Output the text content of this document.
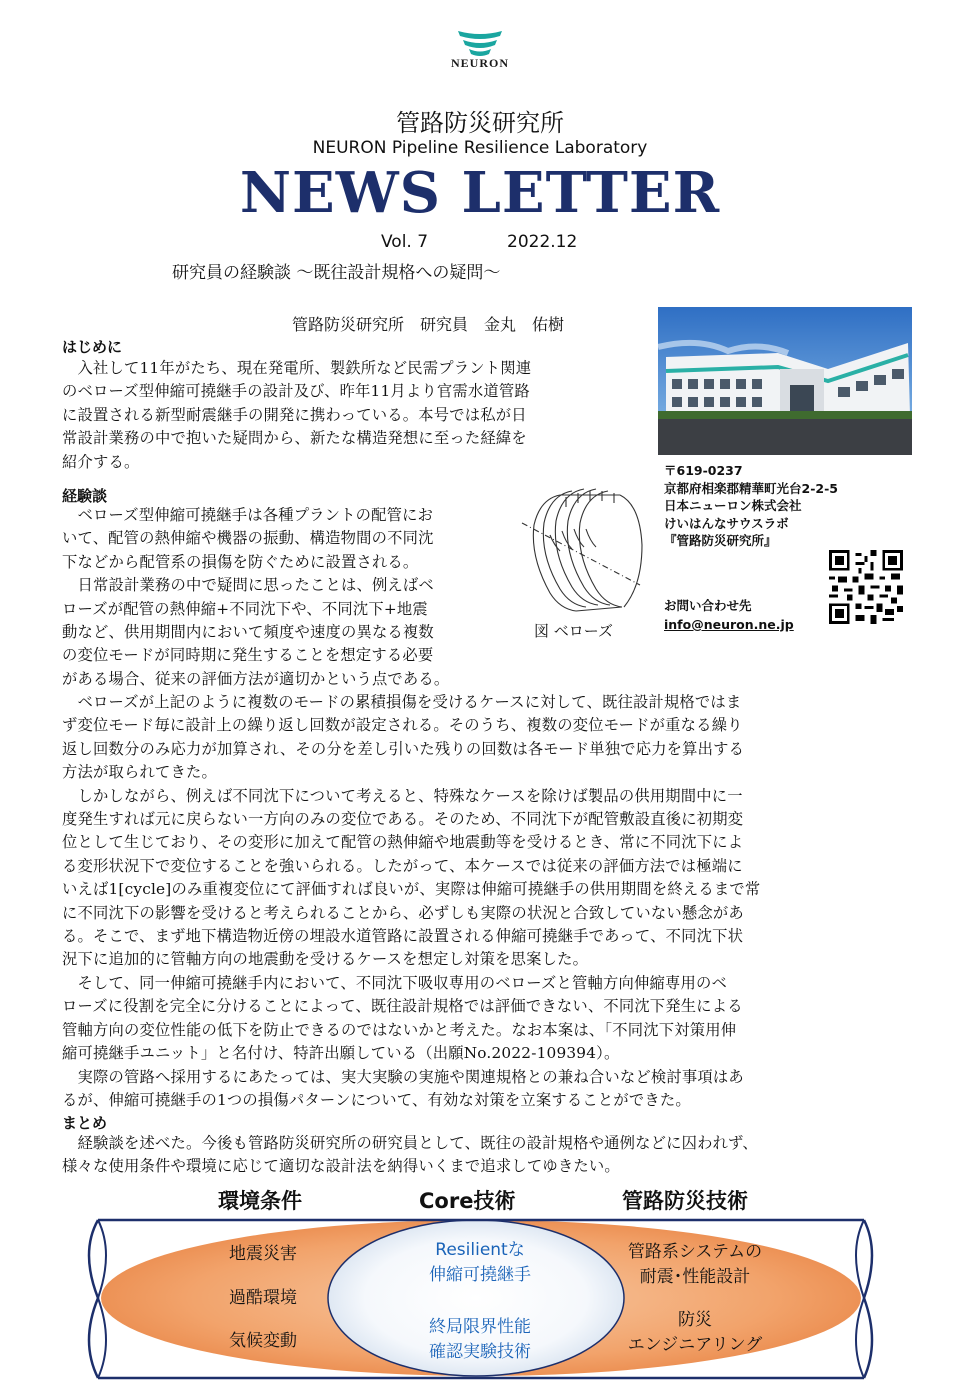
NEURON
管路防災研究所
NEURON Pipeline Resilience Laboratory
NEWS LETTER
Vol. 7	2022.12
研究員の経験談 ～既往設計規格への疑問～
管路防災研究所　研究員　金丸　佑樹
〒619-0237
京都府相楽郡精華町光台2-2-5
日本ニューロン株式会社
けいはんなサウスラボ
『管路防災研究所』
お問い合わせ先
info@neuron.ne.jp
図 ベローズ
はじめに

　入社して11年がたち、現在発電所、製鉄所など民需プラント関連

のベローズ型伸縮可撓継手の設計及び、昨年11月より官需水道管路

に設置される新型耐震継手の開発に携わっている。本号では私が日

常設計業務の中で抱いた疑問から、新たな構造発想に至った経緯を

紹介する。

経験談

　ベローズ型伸縮可撓継手は各種プラントの配管にお

いて、配管の熱伸縮や機器の振動、構造物間の不同沈

下などから配管系の損傷を防ぐために設置される。

　日常設計業務の中で疑問に思ったことは、例えばベ

ローズが配管の熱伸縮+不同沈下や、不同沈下+地震

動など、供用期間内において頻度や速度の異なる複数

の変位モードが同時期に発生することを想定する必要

がある場合、従来の評価方法が適切かという点である。

　ベローズが上記のように複数のモードの累積損傷を受けるケースに対して、既往設計規格ではま

ず変位モード毎に設計上の繰り返し回数が設定される。そのうち、複数の変位モードが重なる繰り

返し回数分のみ応力が加算され、その分を差し引いた残りの回数は各モード単独で応力を算出する

方法が取られてきた。

　しかしながら、例えば不同沈下について考えると、特殊なケースを除けば製品の供用期間中に一

度発生すれば元に戻らない一方向のみの変位である。そのため、不同沈下が配管敷設直後に初期変

位として生じており、その変形に加えて配管の熱伸縮や地震動等を受けるとき、常に不同沈下によ

る変形状況下で変位することを強いられる。したがって、本ケースでは従来の評価方法では極端に

いえば1[cycle]のみ重複変位にて評価すれば良いが、実際は伸縮可撓継手の供用期間を終えるまで常

に不同沈下の影響を受けると考えられることから、必ずしも実際の状況と合致していない懸念があ

る。そこで、まず地下構造物近傍の埋設水道管路に設置される伸縮可撓継手であって、不同沈下状

況下に追加的に管軸方向の地震動を受けるケースを想定し対策を思案した。

　そして、同一伸縮可撓継手内において、不同沈下吸収専用のベローズと管軸方向伸縮専用のベ

ローズに役割を完全に分けることによって、既往設計規格では評価できない、不同沈下発生による

管軸方向の変位性能の低下を防止できるのではないかと考えた。なお本案は、「不同沈下対策用伸

縮可撓継手ユニット」と名付け、特許出願している（出願No.2022-109394）。

　実際の管路へ採用するにあたっては、実大実験の実施や関連規格との兼ね合いなど検討事項はあ

るが、伸縮可撓継手の1つの損傷パターンについて、有効な対策を立案することができた。

まとめ

　経験談を述べた。今後も管路防災研究所の研究員として、既往の設計規格や通例などに囚われず、

様々な使用条件や環境に応じて適切な設計法を納得いくまで追求してゆきたい。

環境条件	Core技術	管路防災技術
地震災害
過酷環境
気候変動
Resilientな
伸縮可撓継手
終局限界性能
確認実験技術
管路系システムの
耐震･性能設計
防災
エンジニアリング
